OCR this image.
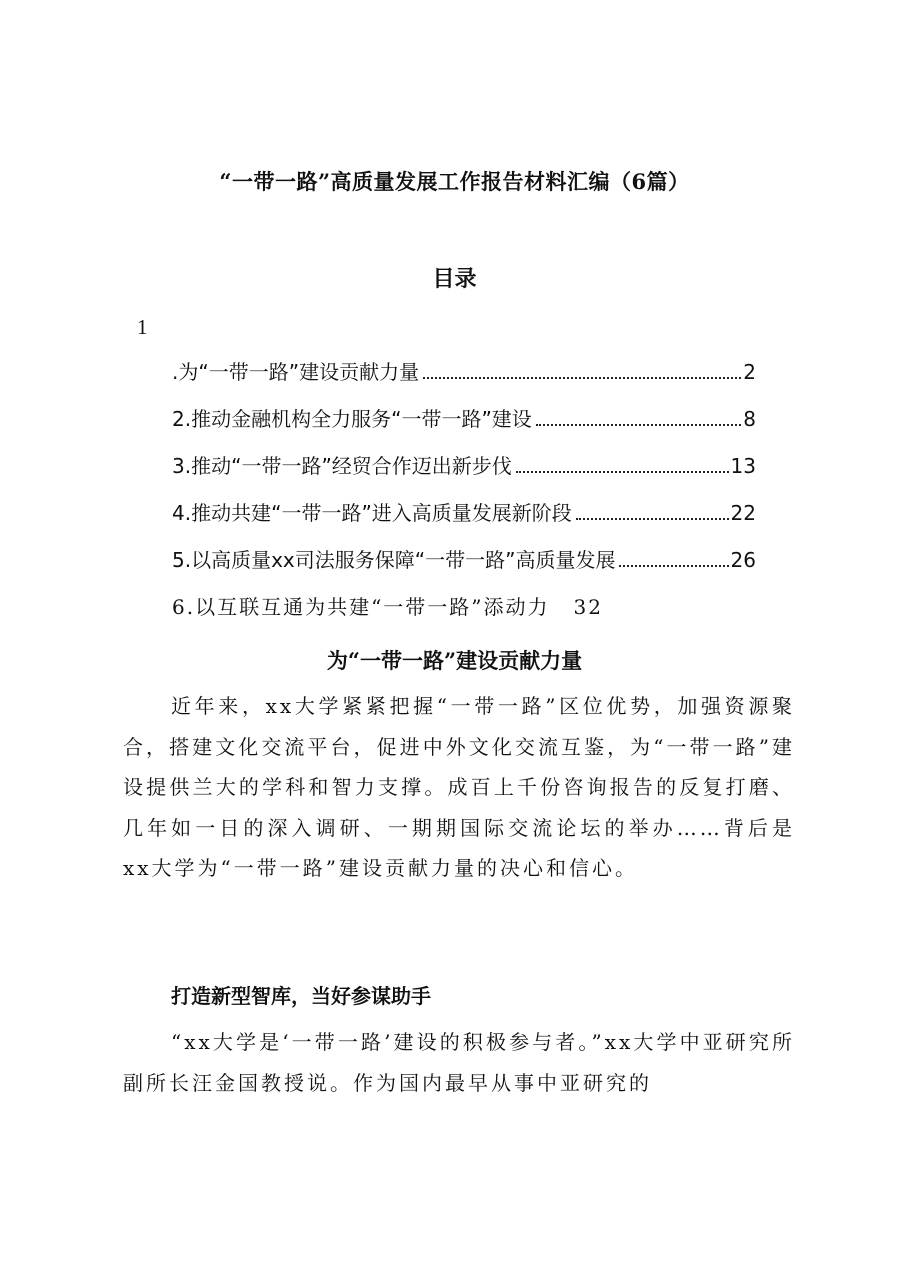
“一带一路”高质量发展工作报告材料汇编（6篇）
目录
1
.为“一带一路”建设贡献力量	2
2.推动金融机构全力服务“一带一路”建设	8
3.推动“一带一路”经贸合作迈出新步伐	13
4.推动共建“一带一路”进入高质量发展新阶段	22
5.以高质量xx司法服务保障“一带一路”高质量发展	26
6.以互联互通为共建“一带一路”添动力 32
为“一带一路”建设贡献力量

近年来，xx大学紧紧把握“一带一路”区位优势，加强资源聚合，搭建文化交流平台，促进中外文化交流互鉴，为“一带一路”建设提供兰大的学科和智力支撑。成百上千份咨询报告的反复打磨、几年如一日的深入调研、一期期国际交流论坛的举办……背后是xx大学为“一带一路”建设贡献力量的决心和信心。

打造新型智库，当好参谋助手

“xx大学是‘一带一路’建设的积极参与者。”xx大学中亚研究所副所长汪金国教授说。作为国内最早从事中亚研究的
